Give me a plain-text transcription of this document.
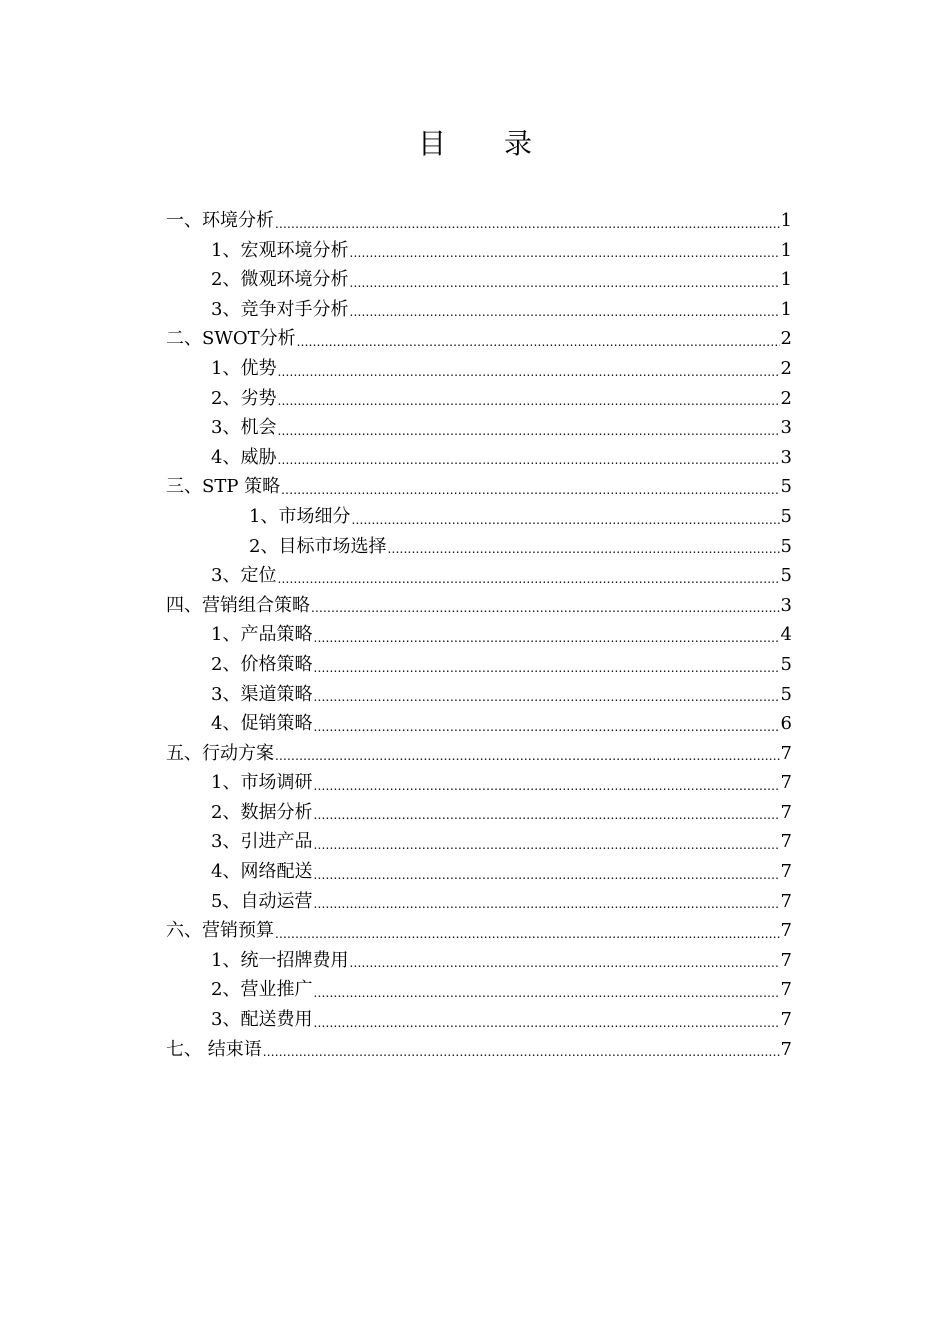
目 录
一、环境分析 .....	1
1、宏观环境分析 .....	1
2、微观环境分析 .....	1
3、竞争对手分析 .....	1
二、SWOT分析 .....	2
1、优势 .....	2
2、劣势 .....	2
3、机会 .....	3
4、威胁 .....	3
三、STP 策略 .....	5
1、市场细分 .....	5
2、目标市场选择 .....	5
3、定位 .....	5
四、营销组合策略 .....	3
1、产品策略 .....	4
2、价格策略 .....	5
3、渠道策略 .....	5
4、促销策略 .....	6
五、行动方案 .....	7
1、市场调研 .....	7
2、数据分析 .....	7
3、引进产品 .....	7
4、网络配送 .....	7
5、自动运营 .....	7
六、营销预算 .....	7
1、统一招牌费用 .....	7
2、营业推广 .....	7
3、配送费用 .....	7
七、 结束语 .....	7
